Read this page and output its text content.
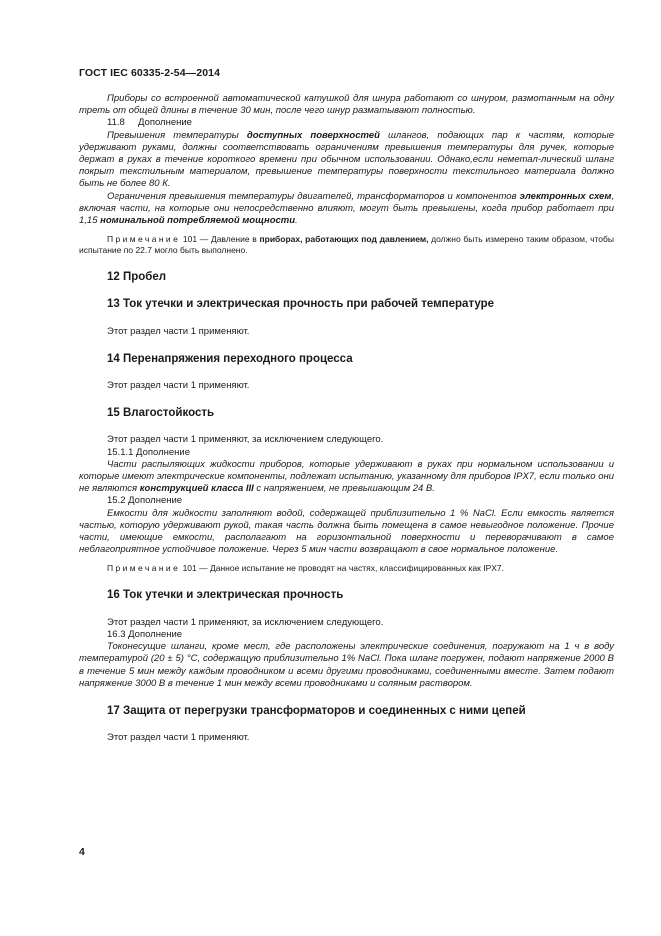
ГОСТ IEC 60335-2-54—2014

Приборы со встроенной автоматической катушкой для шнура работают со шнуром, размотанным на одну треть от общей длины в течение 30 мин, после чего шнур разматывают полностью.

11.8 Дополнение

Превышения температуры доступных поверхностей шлангов, подающих пар к частям, которые удерживают руками, должны соответствовать ограничениям превышения температуры для ручек, которые держат в руках в течение короткого времени при обычном использовании. Однако,если неметал-лический шланг покрыт текстильным материалом, превышение температуры поверхности текстильного материала должно быть не более 80 К.

Ограничения превышения температуры двигателей, трансформаторов и компонентов электронных схем, включая части, на которые они непосредственно влияют, могут быть превышены, когда прибор работает при 1,15 номинальной потребляемой мощности.

Примечание 101 — Давление в приборах, работающих под давлением, должно быть измерено таким образом, чтобы испытание по 22.7 могло быть выполнено.

12 Пробел

13 Ток утечки и электрическая прочность при рабочей температуре

Этот раздел части 1 применяют.

14 Перенапряжения переходного процесса

Этот раздел части 1 применяют.

15 Влагостойкость

Этот раздел части 1 применяют, за исключением следующего.

15.1.1 Дополнение

Части распыляющих жидкости приборов, которые удерживают в руках при нормальном использовании и которые имеют электрические компоненты, подлежат испытанию, указанному для приборов IPX7, если только они не являются конструкцией класса III с напряжением, не превышающим 24 В.

15.2 Дополнение

Емкости для жидкости заполняют водой, содержащей приблизительно 1 % NaCl. Если емкость является частью, которую удерживают рукой, такая часть должна быть помещена в самое невыгодное положение. Прочие части, имеющие емкости, располагают на горизонтальной поверхности и переворачивают в самое неблагоприятное устойчивое положение. Через 5 мин части возвращают в свое нормальное положение.

Примечание 101 — Данное испытание не проводят на частях, классифицированных как IPX7.

16 Ток утечки и электрическая прочность

Этот раздел части 1 применяют, за исключением следующего.

16.3 Дополнение

Токонесущие шланги, кроме мест, где расположены электрические соединения, погружают на 1 ч в воду температурой (20 ± 5) °С, содержащую приблизительно 1% NaCl. Пока шланг погружен, подают напряжение 2000 В в течение 5 мин между каждым проводником и всеми другими проводниками, соединенными вместе. Затем подают напряжение 3000 В в течение 1 мин между всеми проводниками и соляным раствором.

17 Защита от перегрузки трансформаторов и соединенных с ними цепей

Этот раздел части 1 применяют.

4
